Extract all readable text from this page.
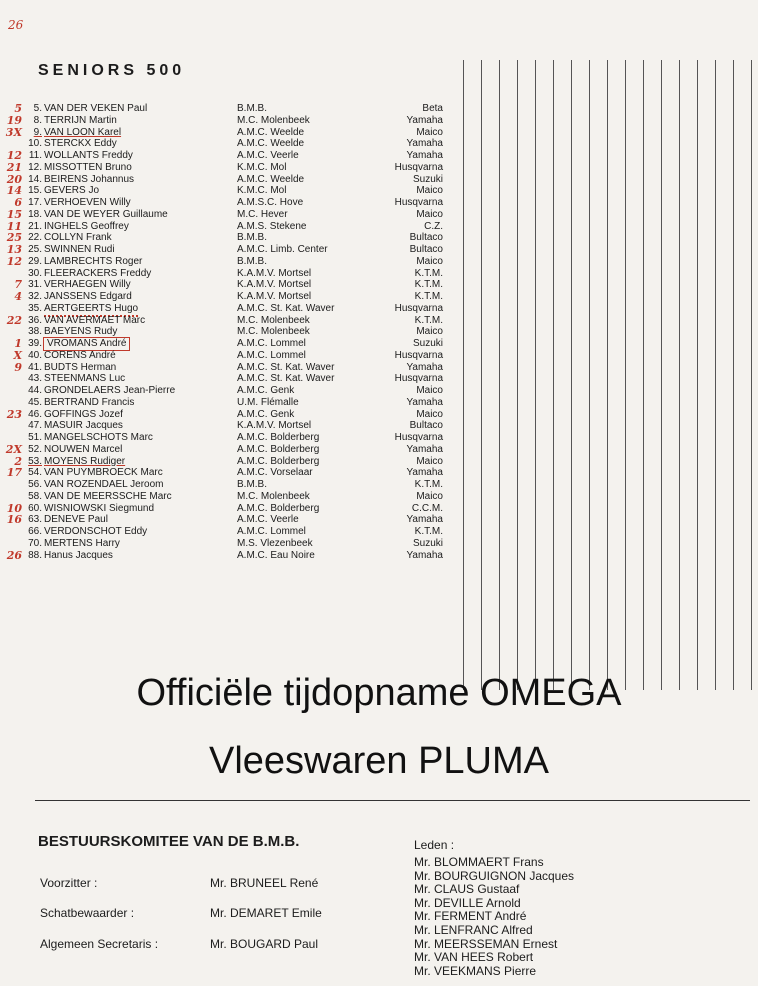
26
SENIORS 500
5	5. VAN DER VEKEN Paul	B.M.B.	Beta
19	8. TERRIJN Martin	M.C. Molenbeek	Yamaha
3X	9. VAN LOON Karel	A.M.C. Weelde	Maico
10. STERCKX Eddy	A.M.C. Weelde	Yamaha
12 11. WOLLANTS Freddy	A.M.C. Veerle	Yamaha
21 12. MISSOTTEN Bruno	K.M.C. Mol	Husqvarna
20 14. BEIRENS Johannus	A.M.C. Weelde	Suzuki
14 15. GEVERS Jo	K.M.C. Mol	Maico
6 17. VERHOEVEN Willy	A.M.S.C. Hove	Husqvarna
15 18. VAN DE WEYER Guillaume	M.C. Hever	Maico
11 21. INGHELS Geoffrey	A.M.S. Stekene	C.Z.
25 22. COLLYN Frank	B.M.B.	Bultaco
13 25. SWINNEN Rudi	A.M.C. Limb. Center	Bultaco
12 29. LAMBRECHTS Roger	B.M.B.	Maico
30. FLEERACKERS Freddy	K.A.M.V. Mortsel	K.T.M.
7 31. VERHAEGEN Willy	K.A.M.V. Mortsel	K.T.M.
4 32. JANSSENS Edgard	K.A.M.V. Mortsel	K.T.M.
35. AERTGEERTS Hugo	A.M.C. St. Kat. Waver	Husqvarna
22 36. VAN AVERMAET Marc	M.C. Molenbeek	K.T.M.
38. BAEYENS Rudy	M.C. Molenbeek	Maico
1 39. VROMANS André	A.M.C. Lommel	Suzuki
X 40. CORENS André	A.M.C. Lommel	Husqvarna
9 41. BUDTS Herman	A.M.C. St. Kat. Waver	Yamaha
43. STEENMANS Luc	A.M.C. St. Kat. Waver	Husqvarna
44. GRONDELAERS Jean-Pierre	A.M.C. Genk	Maico
45. BERTRAND Francis	U.M. Flémalle	Yamaha
23 46. GOFFINGS Jozef	A.M.C. Genk	Maico
47. MASUIR Jacques	K.A.M.V. Mortsel	Bultaco
51. MANGELSCHOTS Marc	A.M.C. Bolderberg	Husqvarna
2X 52. NOUWEN Marcel	A.M.C. Bolderberg	Yamaha
2 53. MOYENS Rudiger	A.M.C. Bolderberg	Maico
17 54. VAN PUYMBROECK Marc	A.M.C. Vorselaar	Yamaha
56. VAN ROZENDAEL Jeroom	B.M.B.	K.T.M.
58. VAN DE MEERSSCHE Marc	M.C. Molenbeek	Maico
10 60. WISNIOWSKI Siegmund	A.M.C. Bolderberg	C.C.M.
16 63. DENEVE Paul	A.M.C. Veerle	Yamaha
66. VERDONSCHOT Eddy	A.M.C. Lommel	K.T.M.
70. MERTENS Harry	M.S. Vlezenbeek	Suzuki
26 88. Hanus Jacques	A.M.C. Eau Noire	Yamaha
Officiële tijdopname OMEGA
Vleeswaren PLUMA
BESTUURSKOMITEE VAN DE B.M.B.
Voorzitter :	Mr. BRUNEEL René
Schatbewaarder :	Mr. DEMARET Emile
Algemeen Secretaris :	Mr. BOUGARD Paul
Leden :
Mr. BLOMMAERT Frans
Mr. BOURGUIGNON Jacques
Mr. CLAUS Gustaaf
Mr. DEVILLE Arnold
Mr. FERMENT André
Mr. LENFRANC Alfred
Mr. MEERSSEMAN Ernest
Mr. VAN HEES Robert
Mr. VEEKMANS Pierre
